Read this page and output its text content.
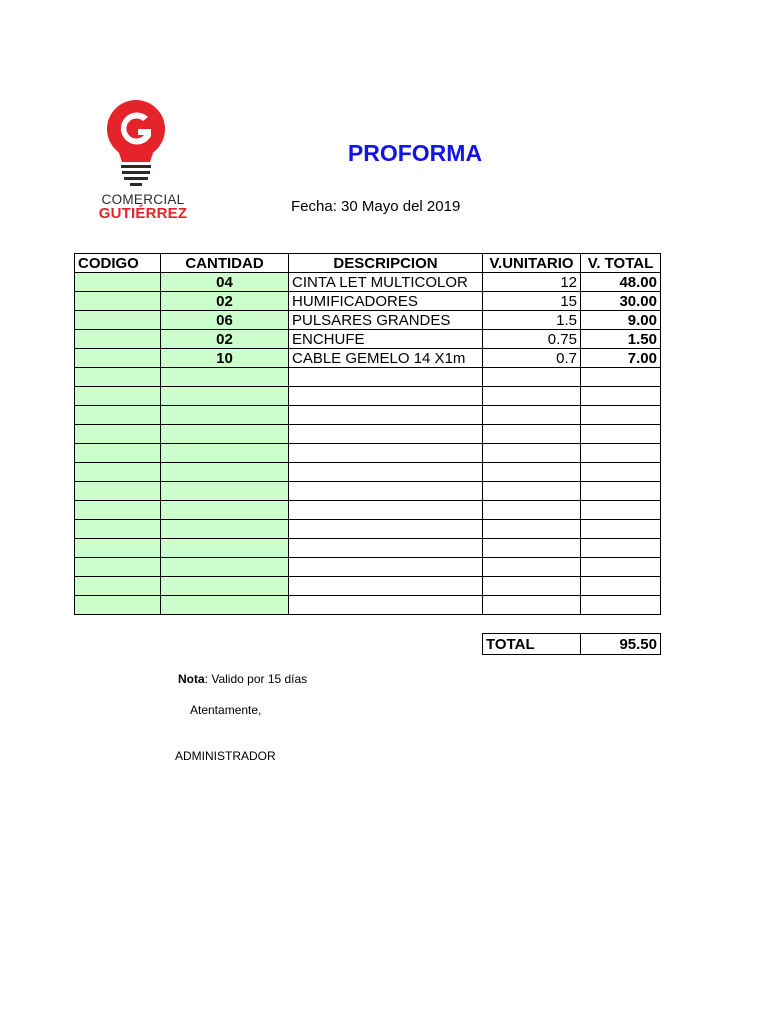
COMERCIAL
GUTIÉRREZ
PROFORMA
Fecha: 30 Mayo del 2019
CODIGO	CANTIDAD	DESCRIPCION	V.UNITARIO	V. TOTAL
	04	CINTA LET MULTICOLOR	12	48.00
	02	HUMIFICADORES	15	30.00
	06	PULSARES GRANDES	1.5	9.00
	02	ENCHUFE	0.75	1.50
	10	CABLE GEMELO 14 X1m	0.7	7.00

TOTAL	95.50
Nota: Valido por 15 días
Atentamente,
ADMINISTRADOR
